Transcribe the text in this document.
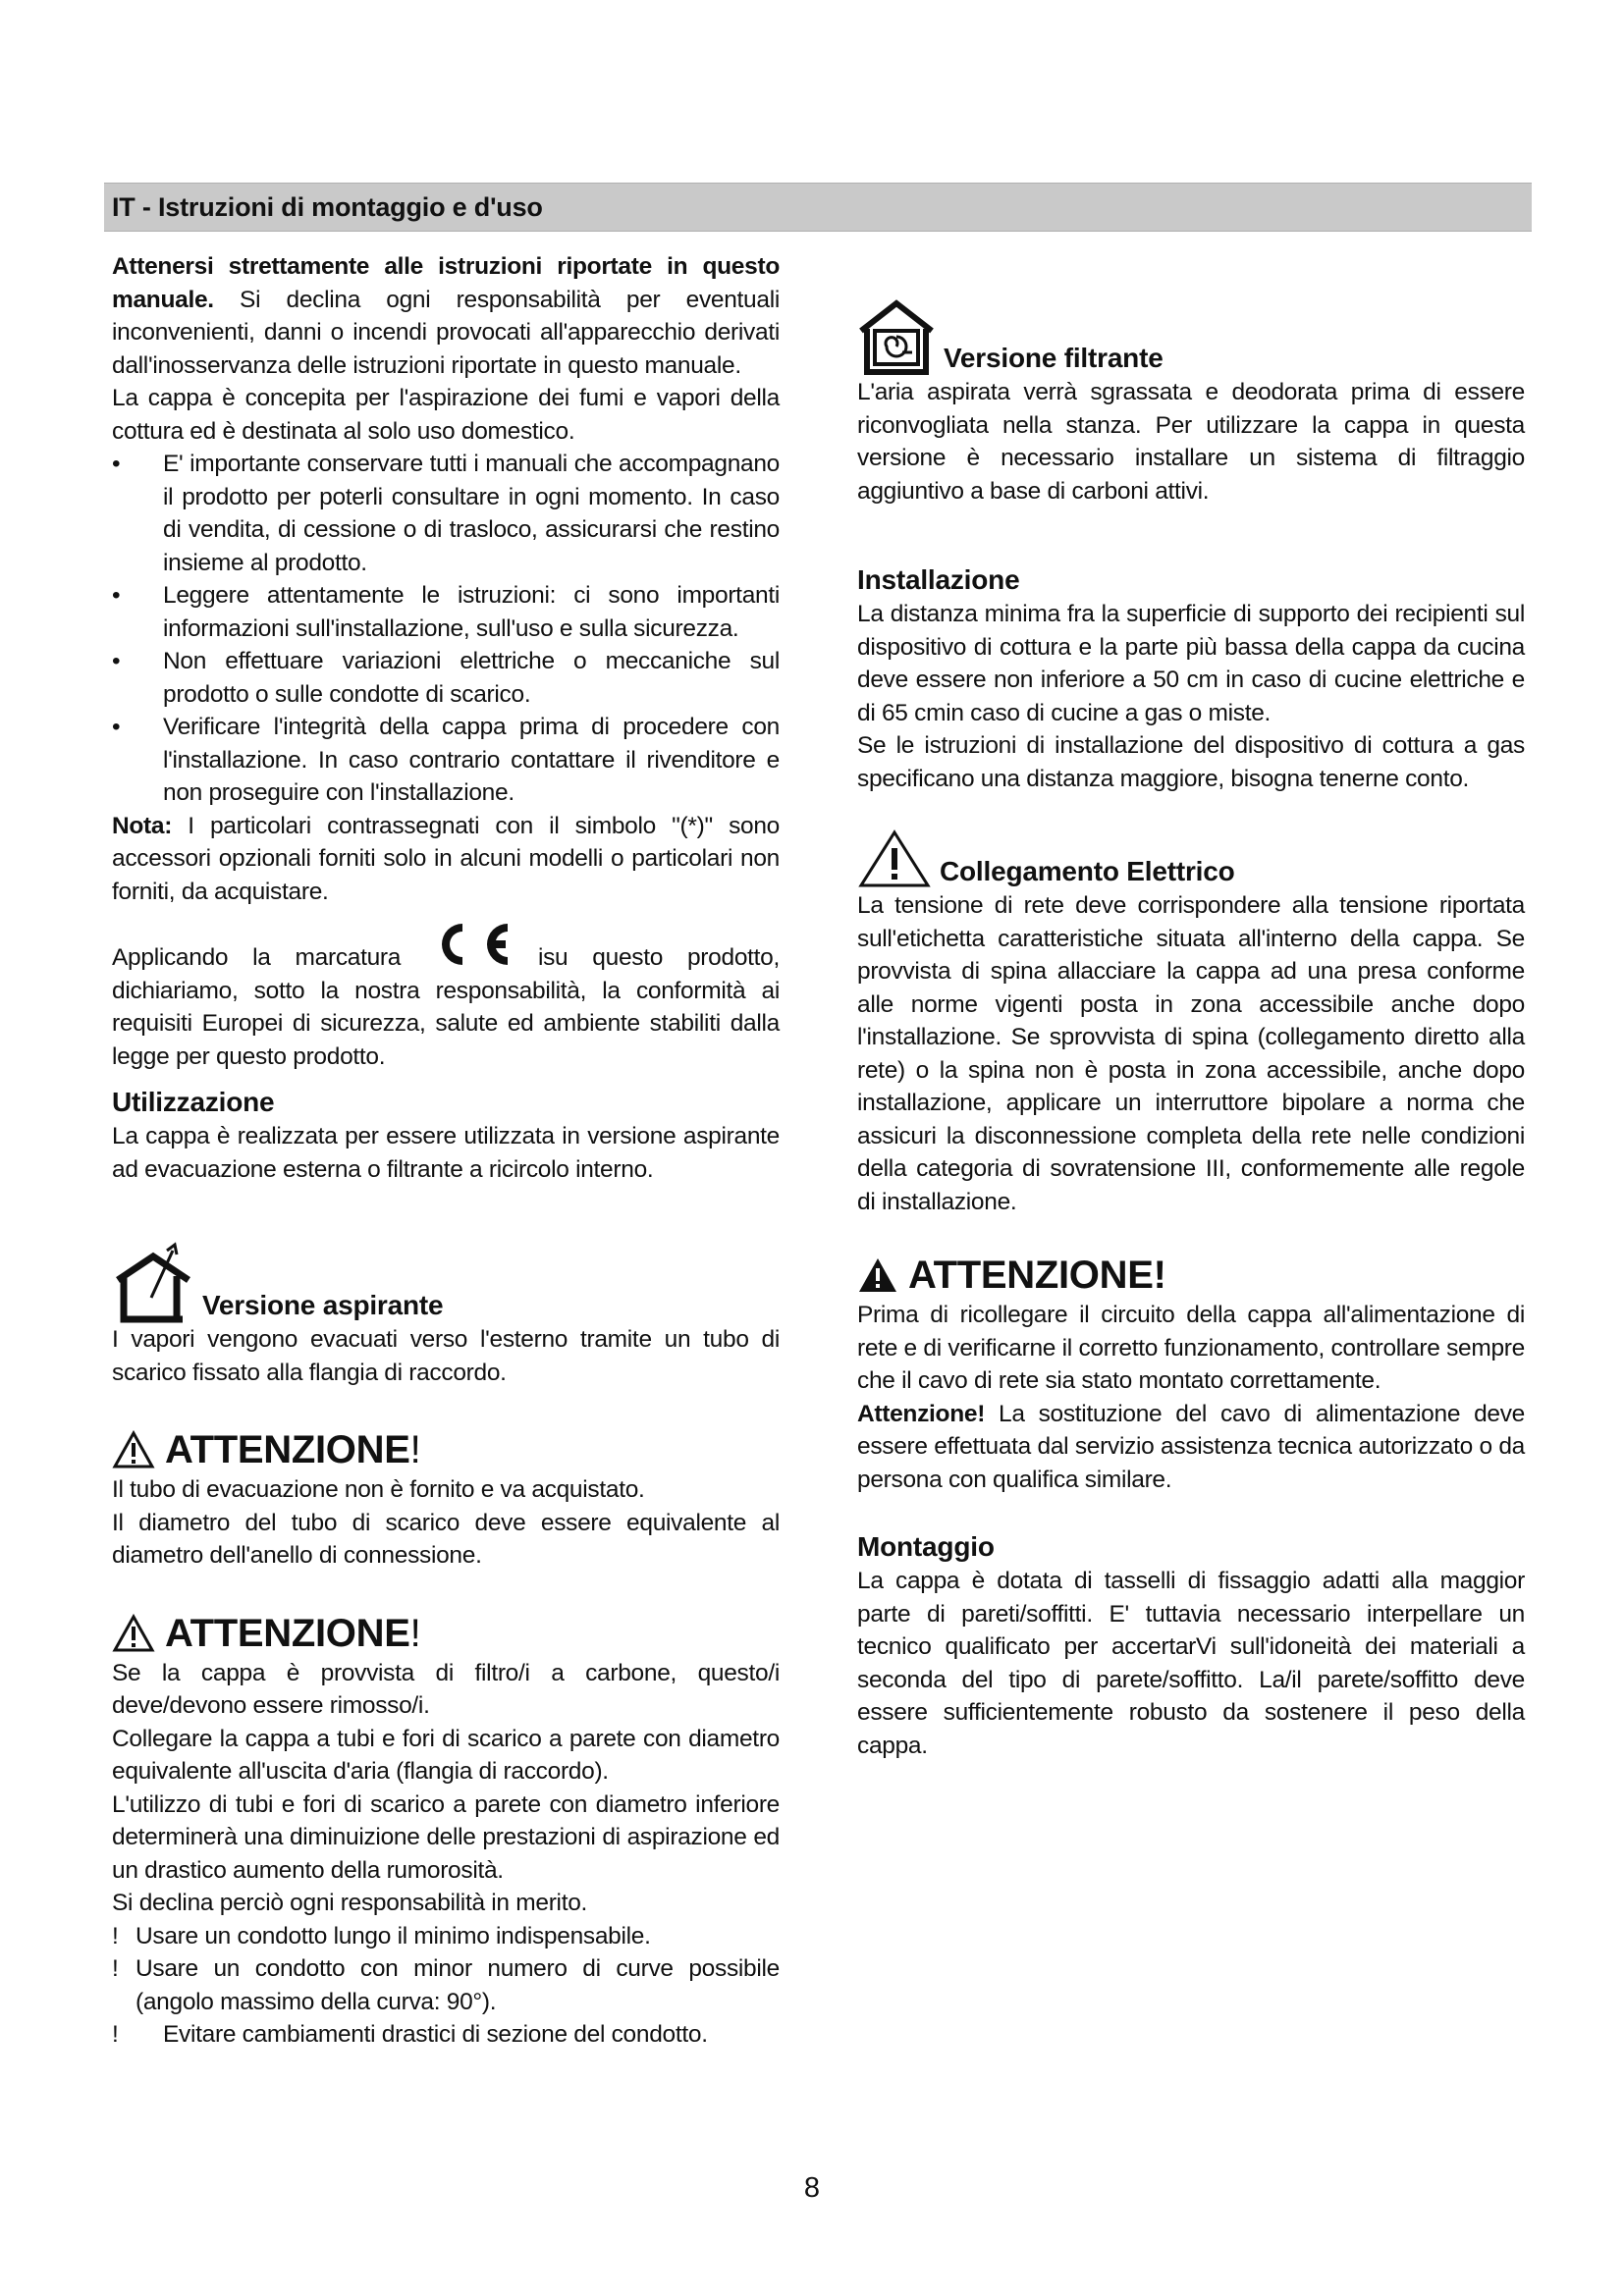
IT - Istruzioni di montaggio e d'uso

Attenersi strettamente alle istruzioni riportate in questo manuale. Si declina ogni responsabilità per eventuali inconvenienti, danni o incendi provocati all'apparecchio derivati dall'inosservanza delle istruzioni riportate in questo manuale.

La cappa è concepita per l'aspirazione dei fumi e vapori della cottura ed è destinata al solo uso domestico.

• E' importante conservare tutti i manuali che accompagnano il prodotto per poterli consultare in ogni momento. In caso di vendita, di cessione o di trasloco, assicurarsi che restino insieme al prodotto.
• Leggere attentamente le istruzioni: ci sono importanti informazioni sull'installazione, sull'uso e sulla sicurezza.
• Non effettuare variazioni elettriche o meccaniche sul prodotto o sulle condotte di scarico.
• Verificare l'integrità della cappa prima di procedere con l'installazione. In caso contrario contattare il rivenditore e non proseguire con l'installazione.

Nota: I particolari contrassegnati con il simbolo "(*)" sono accessori opzionali forniti solo in alcuni modelli o particolari non forniti, da acquistare.

Applicando la marcatura	isu questo prodotto, dichiariamo, sotto la nostra responsabilità, la conformità ai requisiti Europei di sicurezza, salute ed ambiente stabiliti dalla legge per questo prodotto.

Utilizzazione

La cappa è realizzata per essere utilizzata in versione aspirante ad evacuazione esterna o filtrante a ricircolo interno.

Versione aspirante

I vapori vengono evacuati verso l'esterno tramite un tubo di scarico fissato alla flangia di raccordo.

ATTENZIONE!

Il tubo di evacuazione non è fornito e va acquistato.

Il diametro del tubo di scarico deve essere equivalente al diametro dell'anello di connessione.

ATTENZIONE!

Se la cappa è provvista di filtro/i a carbone, questo/i deve/devono essere rimosso/i.

Collegare la cappa a tubi e fori di scarico a parete con diametro equivalente all'uscita d'aria (flangia di raccordo).

L'utilizzo di tubi e fori di scarico a parete con diametro inferiore determinerà una diminuizione delle prestazioni di aspirazione ed un drastico aumento della rumorosità.

Si declina perciò ogni responsabilità in merito.

! Usare un condotto lungo il minimo indispensabile.
! Usare un condotto con minor numero di curve possibile (angolo massimo della curva: 90°).
! Evitare cambiamenti drastici di sezione del condotto.
Versione filtrante

L'aria aspirata verrà sgrassata e deodorata prima di essere riconvogliata nella stanza. Per utilizzare la cappa in questa versione è necessario installare un sistema di filtraggio aggiuntivo a base di carboni attivi.

Installazione

La distanza minima fra la superficie di supporto dei recipienti sul dispositivo di cottura e la parte più bassa della cappa da cucina deve essere non inferiore a 50 cm in caso di cucine elettriche e di 65 cmin caso di cucine a gas o miste.

Se le istruzioni di installazione del dispositivo di cottura a gas specificano una distanza maggiore, bisogna tenerne conto.

Collegamento Elettrico

La tensione di rete deve corrispondere alla tensione riportata sull'etichetta caratteristiche situata all'interno della cappa. Se provvista di spina allacciare la cappa ad una presa conforme alle norme vigenti posta in zona accessibile anche dopo l'installazione. Se sprovvista di spina (collegamento diretto alla rete) o la spina non è posta in zona accessibile, anche dopo installazione, applicare un interruttore bipolare a norma che assicuri la disconnessione completa della rete nelle condizioni della categoria di sovratensione III, conformemente alle regole di installazione.

ATTENZIONE!

Prima di ricollegare il circuito della cappa all'alimentazione di rete e di verificarne il corretto funzionamento, controllare sempre che il cavo di rete sia stato montato correttamente.

Attenzione! La sostituzione del cavo di alimentazione deve essere effettuata dal servizio assistenza tecnica autorizzato o da persona con qualifica similare.

Montaggio

La cappa è dotata di tasselli di fissaggio adatti alla maggior parte di pareti/soffitti. E' tuttavia necessario interpellare un tecnico qualificato per accertarVi sull'idoneità dei materiali a seconda del tipo di parete/soffitto. La/il parete/soffitto deve essere sufficientemente robusto da sostenere il peso della cappa.

8
